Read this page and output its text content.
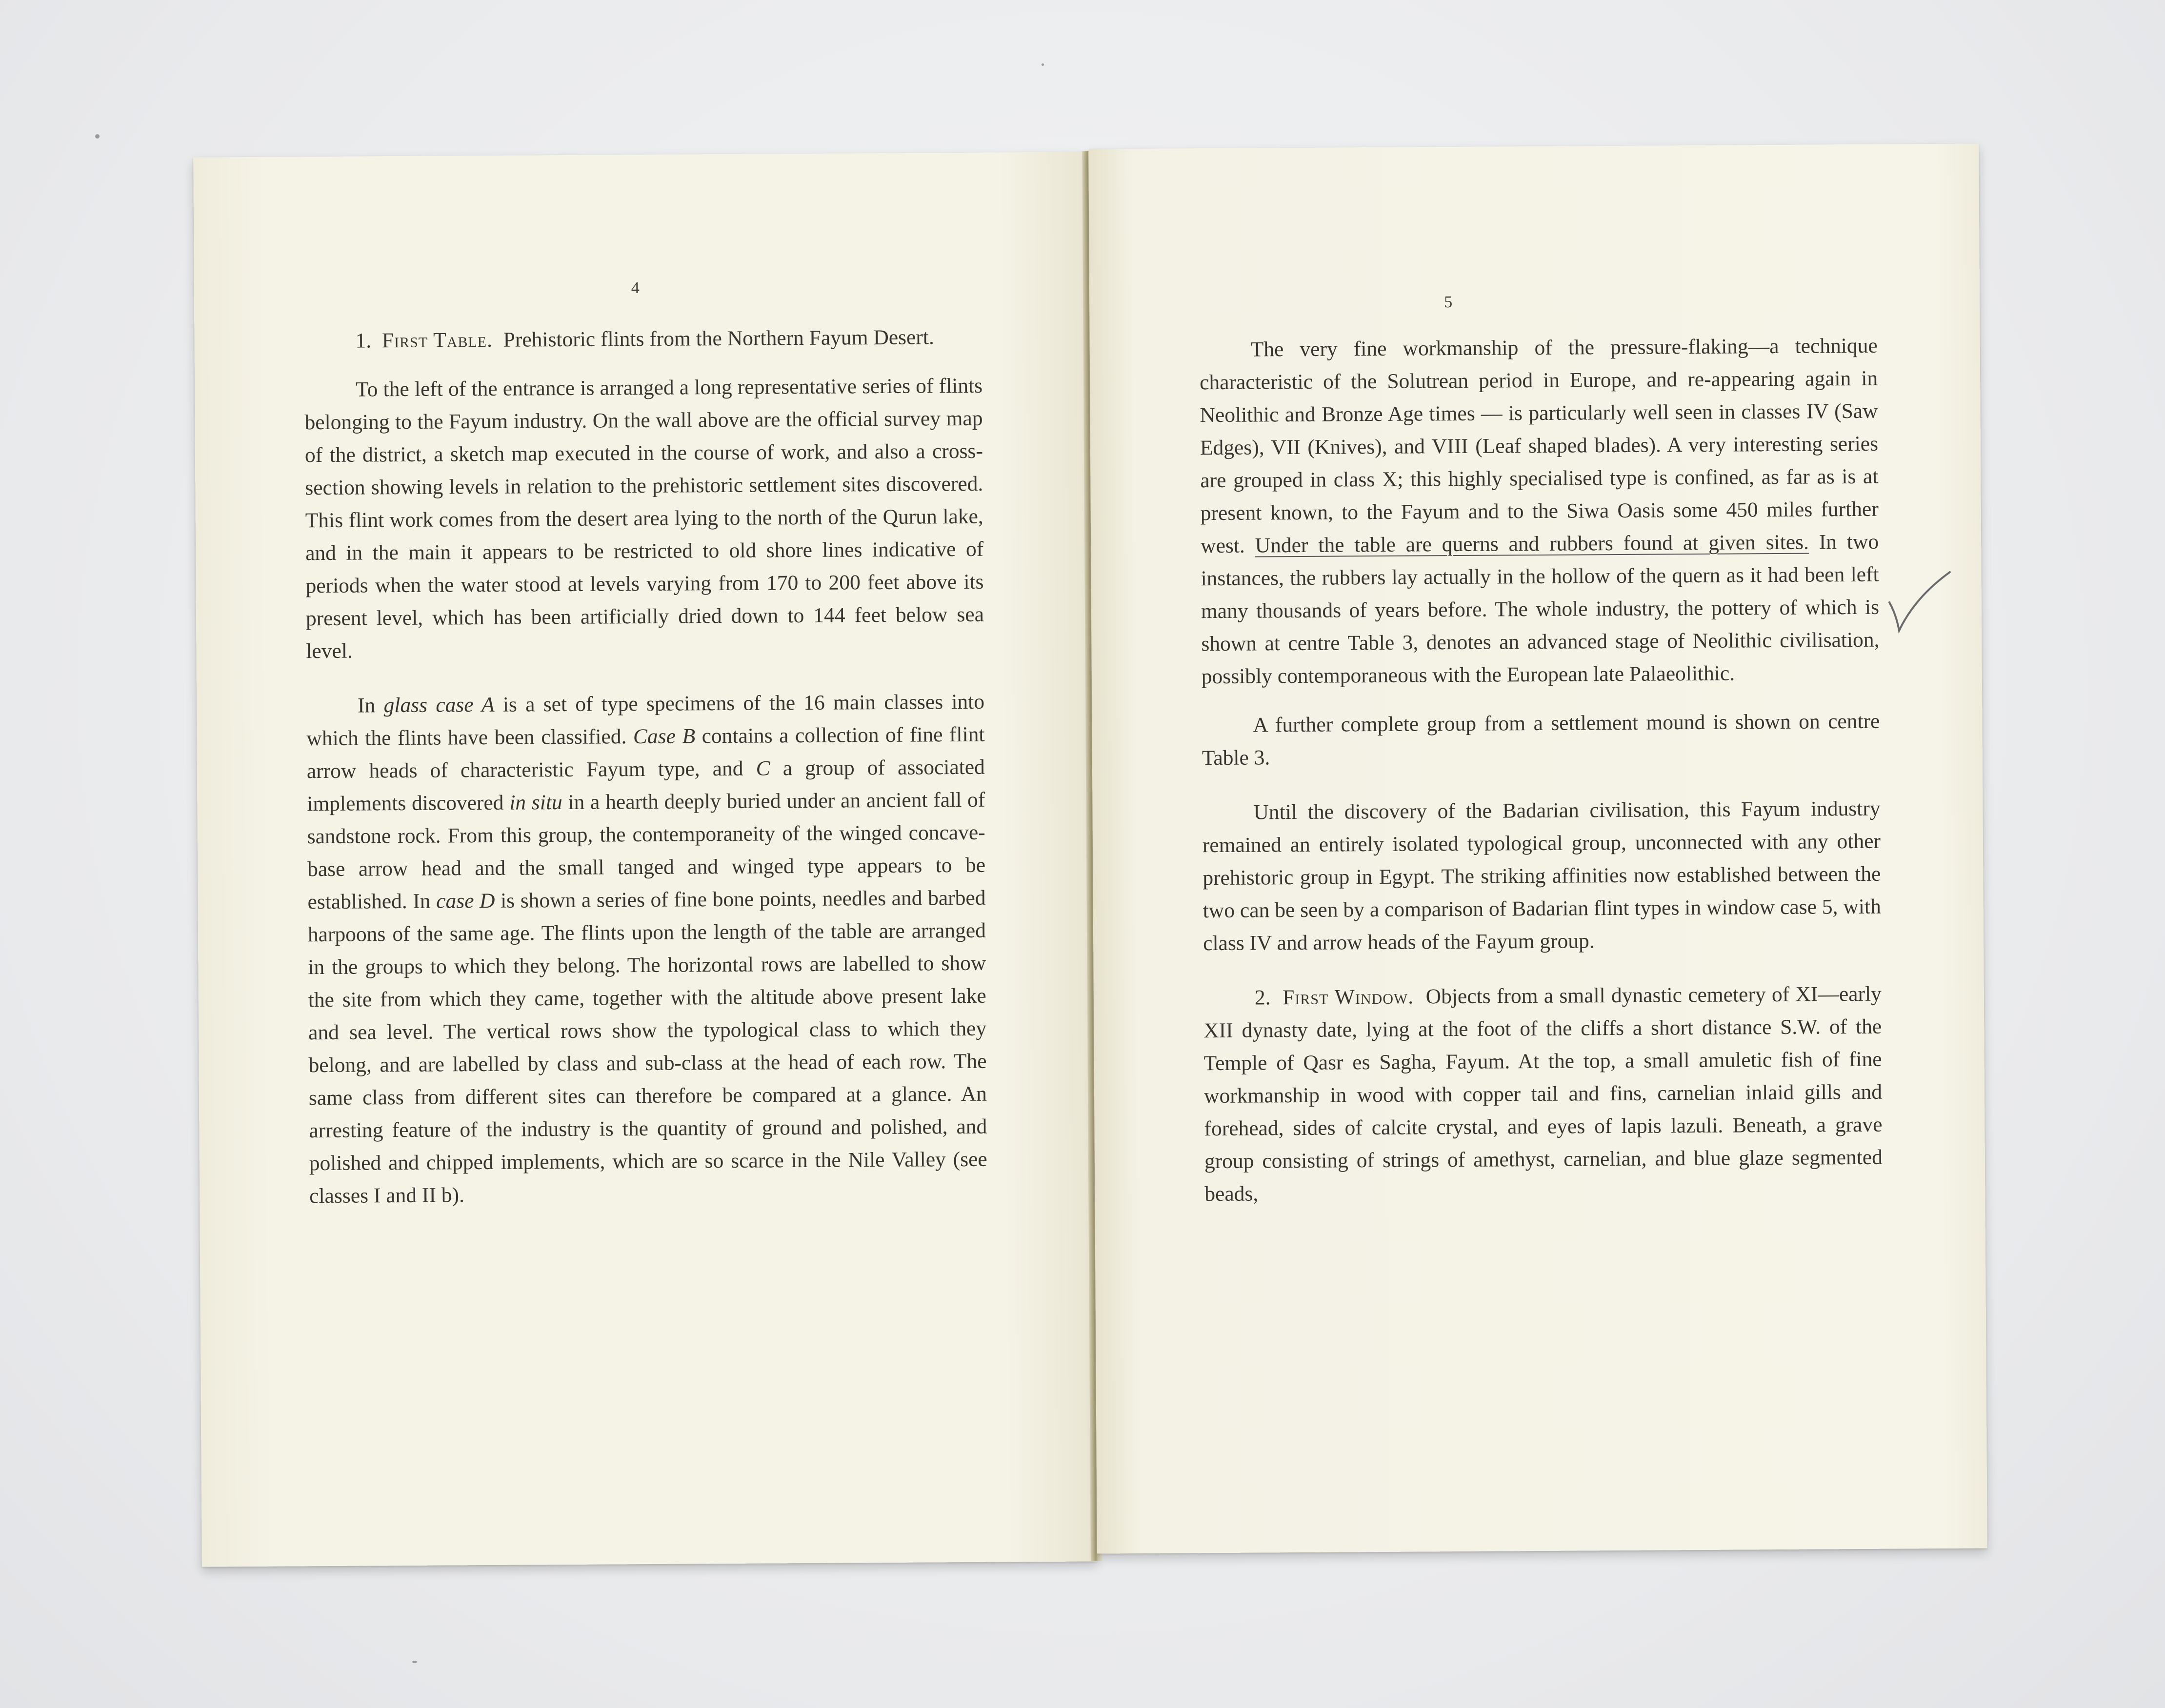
4

1. First Table. Prehistoric flints from the Northern Fayum Desert.

To the left of the entrance is arranged a long representative series of flints belonging to the Fayum industry. On the wall above are the official survey map of the district, a sketch map executed in the course of work, and also a cross-section showing levels in relation to the prehistoric settlement sites discovered. This flint work comes from the desert area lying to the north of the Qurun lake, and in the main it appears to be restricted to old shore lines indicative of periods when the water stood at levels varying from 170 to 200 feet above its present level, which has been artificially dried down to 144 feet below sea level.

In glass case A is a set of type specimens of the 16 main classes into which the flints have been classified. Case B contains a collection of fine flint arrow heads of characteristic Fayum type, and C a group of associated implements discovered in situ in a hearth deeply buried under an ancient fall of sandstone rock. From this group, the contemporaneity of the winged concave-base arrow head and the small tanged and winged type appears to be established. In case D is shown a series of fine bone points, needles and barbed harpoons of the same age. The flints upon the length of the table are arranged in the groups to which they belong. The horizontal rows are labelled to show the site from which they came, together with the altitude above present lake and sea level. The vertical rows show the typological class to which they belong, and are labelled by class and sub-class at the head of each row. The same class from different sites can therefore be compared at a glance. An arresting feature of the industry is the quantity of ground and polished, and polished and chipped implements, which are so scarce in the Nile Valley (see classes I and II b).

5

The very fine workmanship of the pressure-flaking—a technique characteristic of the Solutrean period in Europe, and re-appearing again in Neolithic and Bronze Age times — is particularly well seen in classes IV (Saw Edges), VII (Knives), and VIII (Leaf shaped blades). A very interesting series are grouped in class X; this highly specialised type is confined, as far as is at present known, to the Fayum and to the Siwa Oasis some 450 miles further west. Under the table are querns and rubbers found at given sites. In two instances, the rubbers lay actually in the hollow of the quern as it had been left many thousands of years before. The whole industry, the pottery of which is shown at centre Table 3, denotes an advanced stage of Neolithic civilisation, possibly contemporaneous with the European late Palaeolithic.

A further complete group from a settlement mound is shown on centre Table 3.

Until the discovery of the Badarian civilisation, this Fayum industry remained an entirely isolated typological group, unconnected with any other prehistoric group in Egypt. The striking affinities now established between the two can be seen by a comparison of Badarian flint types in window case 5, with class IV and arrow heads of the Fayum group.

2. First Window. Objects from a small dynastic cemetery of XI—early XII dynasty date, lying at the foot of the cliffs a short distance S.W. of the Temple of Qasr es Sagha, Fayum. At the top, a small amuletic fish of fine workmanship in wood with copper tail and fins, carnelian inlaid gills and forehead, sides of calcite crystal, and eyes of lapis lazuli. Beneath, a grave group consisting of strings of amethyst, carnelian, and blue glaze segmented beads,
